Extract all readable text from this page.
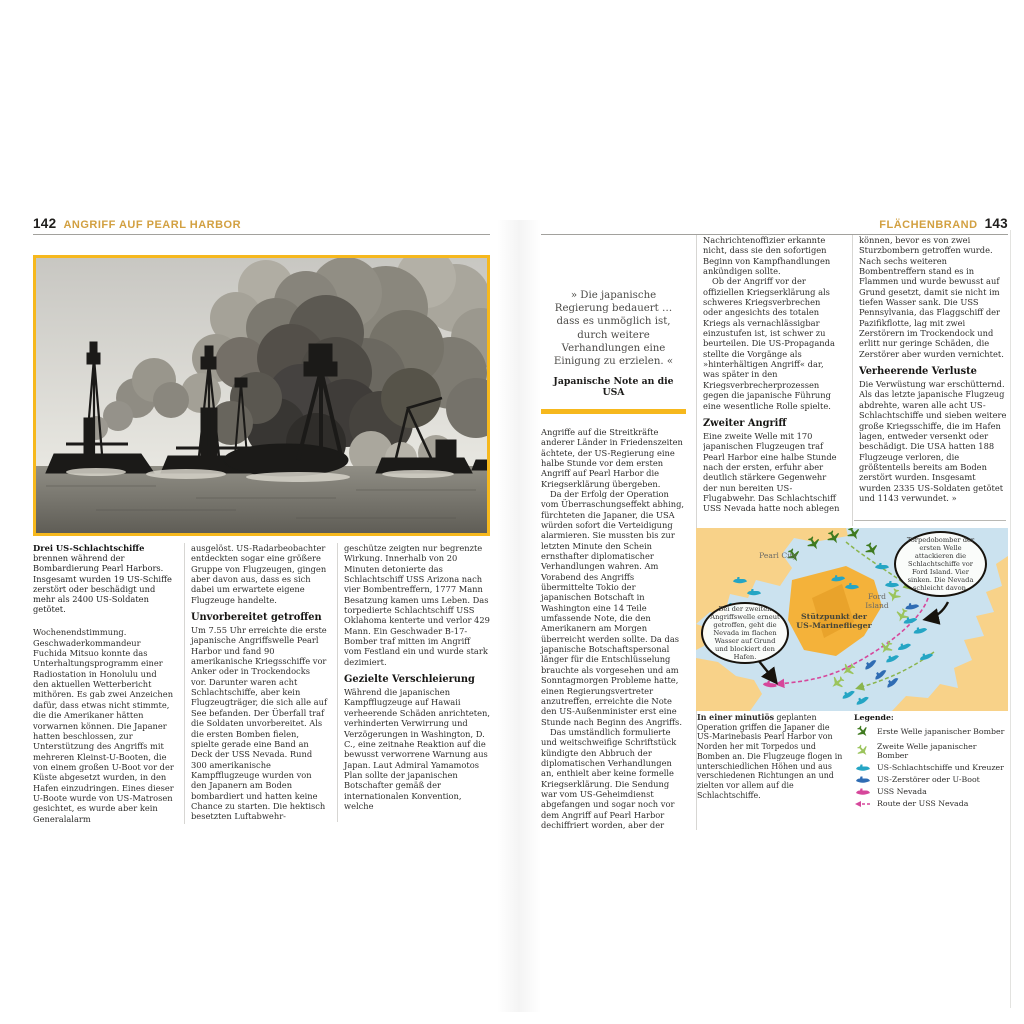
142 ANGRIFF AUF PEARL HARBOR

Drei US-Schlachtschiffe brennen während der Bombardierung Pearl Harbors. Insgesamt wurden 19 US-Schiffe zerstört oder beschädigt und mehr als 2400 US-Soldaten getötet.

Wochenendstimmung. Geschwaderkommandeur Fuchida Mitsuo konnte das Unterhaltungsprogramm einer Radiostation in Honolulu und den aktuellen Wetterbericht mithören. Es gab zwei Anzeichen dafür, dass etwas nicht stimmte, die die Amerikaner hätten vorwarnen können. Die Japaner hatten beschlossen, zur Unterstützung des Angriffs mit mehreren Kleinst-U-Booten, die von einem großen U-Boot vor der Küste abgesetzt wurden, in den Hafen einzudringen. Eines dieser U-Boote wurde von US-Matrosen gesichtet, es wurde aber kein Generalalarm

ausgelöst. US-Radarbeobachter entdeckten sogar eine größere Gruppe von Flugzeugen, gingen aber davon aus, dass es sich dabei um erwartete eigene Flugzeuge handelte.

Unvorbereitet getroffen

Um 7.55 Uhr erreichte die erste japanische Angriffswelle Pearl Harbor und fand 90 amerikanische Kriegsschiffe vor Anker oder in Trockendocks vor. Darunter waren acht Schlachtschiffe, aber kein Flugzeugträger, die sich alle auf See befanden. Der Überfall traf die Soldaten unvorbereitet. Als die ersten Bomben fielen, spielte gerade eine Band an Deck der USS Nevada. Rund 300 amerikanische Kampfflugzeuge wurden von den Japanern am Boden bombardiert und hatten keine Chance zu starten. Die hektisch besetzten Luftabwehr-

geschütze zeigten nur begrenzte Wirkung. Innerhalb von 20 Minuten detonierte das Schlachtschiff USS Arizona nach vier Bombentreffern, 1777 Mann Besatzung kamen ums Leben. Das torpedierte Schlachtschiff USS Oklahoma kenterte und verlor 429 Mann. Ein Geschwader B-17-Bomber traf mitten im Angriff vom Festland ein und wurde stark dezimiert.

Gezielte Verschleierung

Während die japanischen Kampfflugzeuge auf Hawaii verheerende Schäden anrichteten, verhinderten Verwirrung und Verzögerungen in Washington, D. C., eine zeitnahe Reaktion auf die bewusst verworrene Warnung aus Japan. Laut Admiral Yamamotos Plan sollte der japanischen Botschafter gemäß der internationalen Konvention, welche

FLÄCHENBRAND 143

» Die japanische Regierung bedauert … dass es unmöglich ist, durch weitere Verhandlungen eine Einigung zu erzielen. «

Japanische Note an die USA

Angriffe auf die Streitkräfte anderer Länder in Friedenszeiten ächtete, der US-Regierung eine halbe Stunde vor dem ersten Angriff auf Pearl Harbor die Kriegserklärung übergeben.

Da der Erfolg der Operation vom Überraschungseffekt abhing, fürchteten die Japaner, die USA würden sofort die Verteidigung alarmieren. Sie mussten bis zur letzten Minute den Schein ernsthafter diplomatischer Verhandlungen wahren. Am Vorabend des Angriffs übermittelte Tokio der japanischen Botschaft in Washington eine 14 Teile umfassende Note, die den Amerikanern am Morgen überreicht werden sollte. Da das japanische Botschaftspersonal länger für die Entschlüsselung brauchte als vorgesehen und am Sonntagmorgen Probleme hatte, einen Regierungsvertreter anzutreffen, erreichte die Note den US-Außenminister erst eine Stunde nach Beginn des Angriffs.

Das umständlich formulierte und weitschweifige Schriftstück kündigte den Abbruch der diplomatischen Verhandlungen an, enthielt aber keine formelle Kriegserklärung. Die Sendung war vom US-Geheimdienst abgefangen und sogar noch vor dem Angriff auf Pearl Harbor dechiffriert worden, aber der

Nachrichtenoffizier erkannte nicht, dass sie den sofortigen Beginn von Kampfhandlungen ankündigen sollte.

Ob der Angriff vor der offiziellen Kriegserklärung als schweres Kriegsverbrechen oder angesichts des totalen Kriegs als vernachlässigbar einzustufen ist, ist schwer zu beurteilen. Die US-Propaganda stellte die Vorgänge als »hinterhältigen Angriff« dar, was später in den Kriegsverbrecherprozessen gegen die japanische Führung eine wesentliche Rolle spielte.

Zweiter Angriff

Eine zweite Welle mit 170 japanischen Flugzeugen traf Pearl Harbor eine halbe Stunde nach der ersten, erfuhr aber deutlich stärkere Gegenwehr der nun bereiten US-Flugabwehr. Das Schlachtschiff USS Nevada hatte noch ablegen

können, bevor es von zwei Sturzbombern getroffen wurde. Nach sechs weiteren Bombentreffern stand es in Flammen und wurde bewusst auf Grund gesetzt, damit sie nicht im tiefen Wasser sank. Die USS Pennsylvania, das Flaggschiff der Pazifikflotte, lag mit zwei Zerstörern im Trockendock und erlitt nur geringe Schäden, die Zerstörer aber wurden vernichtet.

Verheerende Verluste

Die Verwüstung war erschütternd. Als das letzte japanische Flugzeug abdrehte, waren alle acht US-Schlachtschiffe und sieben weitere große Kriegsschiffe, die im Hafen lagen, entweder versenkt oder beschädigt. Die USA hatten 188 Flugzeuge verloren, die größtenteils bereits am Boden zerstört wurden. Insgesamt wurden 2335 US-Soldaten getötet und 1143 verwundet. »

Pearl City
Ford Island
Stützpunkt der US-Marineflieger
Torpedobomber der ersten Welle attackieren die Schlachtschiffe vor Ford Island. Vier sinken. Die Nevada schleicht davon.
Bei der zweiten Angriffswelle erneut getroffen, geht die Nevada im flachen Wasser auf Grund und blockiert den Hafen.
In einer minutiös geplanten Operation griffen die Japaner die US-Marinebasis Pearl Harbor von Norden her mit Torpedos und Bomben an. Die Flugzeuge flogen in unterschiedlichen Höhen und aus verschiedenen Richtungen an und zielten vor allem auf die Schlachtschiffe.
Legende:
Erste Welle japanischer Bomber
Zweite Welle japanischer Bomber
US-Schlachtschiffe und Kreuzer
US-Zerstörer oder U-Boot
USS Nevada
Route der USS Nevada
